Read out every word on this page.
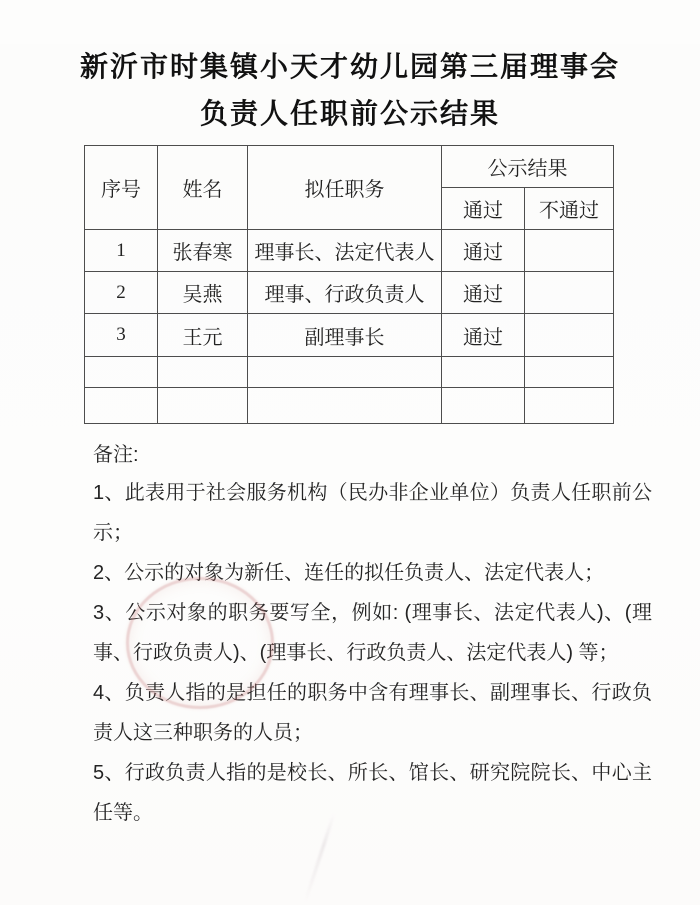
新沂市时集镇小天才幼儿园第三届理事会
负责人任职前公示结果
序号	姓名	拟任职务	公示结果	
			通过	不通过
1	张春寒	理事长、法定代表人	通过	
2	吴燕	理事、行政负责人	通过	
3	王元	副理事长	通过	

备注:

1、此表用于社会服务机构（民办非企业单位）负责人任职前公示；

2、公示的对象为新任、连任的拟任负责人、法定代表人；

3、公示对象的职务要写全，例如: (理事长、法定代表人)、(理事、行政负责人)、(理事长、行政负责人、法定代表人) 等；

4、负责人指的是担任的职务中含有理事长、副理事长、行政负责人这三种职务的人员；

5、行政负责人指的是校长、所长、馆长、研究院院长、中心主任等。
